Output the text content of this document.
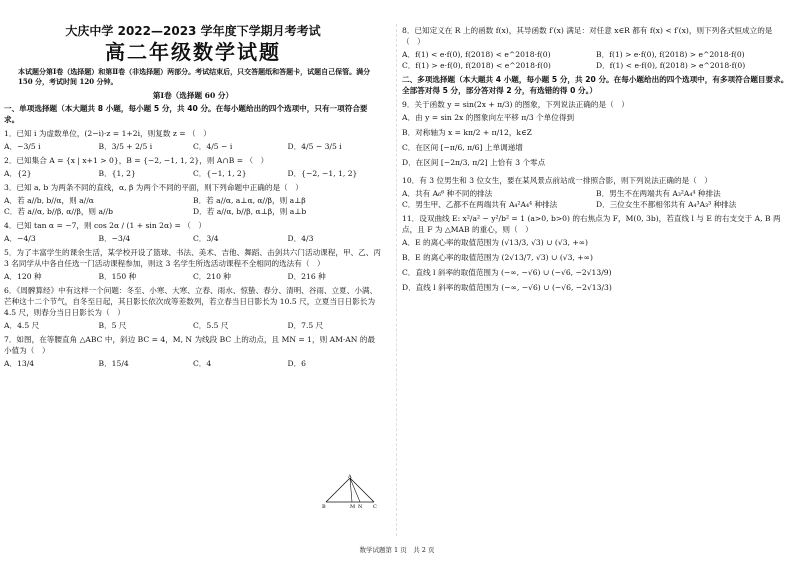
大庆中学 2022—2023 学年度下学期月考考试
高二年级数学试题
本试题分第Ⅰ卷（选择题）和第Ⅱ卷（非选择题）两部分。考试结束后，只交答题纸和答题卡，试题自己保管。满分 150 分，考试时间 120 分钟。
第Ⅰ卷（选择题 60 分）
一、单项选择题（本大题共 8 小题，每小题 5 分，共 40 分。在每小题给出的四个选项中，只有一项符合要求。
1．已知 i 为虚数单位，(2−i)·z = 1+2i，则复数 z = （　）
A．−3/5 i	B．3/5 + 2/5 i	C．4/5 − i	D．4/5 − 3/5 i
2．已知集合 A = {x | x+1 > 0}，B = {−2, −1, 1, 2}，则 A∩B = （　）
A．{2}	B．{1, 2}	C．{−1, 1, 2}	D．{−2, −1, 1, 2}
3．已知 a, b 为两条不同的直线，α, β 为两个不同的平面，则下列命题中正确的是（　）
A．若 a//b, b//α，则 a//α	B．若 a//α, a⊥α, α//β，则 a⊥β
C．若 a//α, b//β, α//β，则 a//b	D．若 a//α, b//β, α⊥β，则 a⊥b
4．已知 tan α = −7，则 cos 2α / (1 + sin 2α) = （　）
A．−4/3	B．−3/4	C．3/4	D．4/3
5．为了丰富学生的课余生活，某学校开设了篮球、书法、美术、吉他、舞蹈、击剑共六门活动课程，甲、乙、丙 3 名同学从中各自任选一门活动课程参加，则这 3 名学生所选活动课程不全相同的选法有（　）
A．120 种	B．150 种	C．210 种	D．216 种
6．《周髀算经》中有这样一个问题：冬至、小寒、大寒、立春、雨水、惊蛰、春分、清明、谷雨、立夏、小满、芒种这十二个节气，自冬至日起，其日影长依次成等差数列，若立春当日日影长为 10.5 尺，立夏当日日影长为 4.5 尺，则春分当日日影长为（　）
A．4.5 尺	B．5 尺	C．5.5 尺	D．7.5 尺
7．如图，在等腰直角 △ABC 中，斜边 BC = 4，M, N 为线段 BC 上的动点，且 MN = 1，则 AM·AN 的最小值为（　）
A．13/4	B．15/4	C．4	D．6
A
B	M N C
8．已知定义在 R 上的函数 f(x)，其导函数 f′(x) 满足：对任意 x∈R 都有 f(x) < f′(x)，则下列各式恒成立的是（　）
A．f(1) < e·f(0), f(2018) < e^2018·f(0)	B．f(1) > e·f(0), f(2018) > e^2018·f(0)
C．f(1) > e·f(0), f(2018) < e^2018·f(0)	D．f(1) < e·f(0), f(2018) > e^2018·f(0)
二、多项选择题（本大题共 4 小题，每小题 5 分，共 20 分。在每小题给出的四个选项中，有多项符合题目要求。全部答对得 5 分，部分答对得 2 分，有选错的得 0 分。）
9．关于函数 y = sin(2x + π/3) 的图象，下列说法正确的是（　）
A．由 y = sin 2x 的图象向左平移 π/3 个单位得到
B．对称轴为 x = kπ/2 + π/12，k∈Z
C．在区间 [−π/6, π/6] 上单调递增
D．在区间 [−2π/3, π/2] 上恰有 3 个零点
10．有 3 位男生和 3 位女生，要在某风景点前站成一排照合影，则下列说法正确的是（　）
A．共有 A₆⁶ 种不同的排法	B．男生不在两端共有 A₃²A₄⁴ 种排法
C．男生甲、乙都不在两端共有 A₄²A₄⁴ 种排法	D．三位女生不都相邻共有 A₄³A₃³ 种排法
11．设双曲线 E: x²/a² − y²/b² = 1 (a>0, b>0) 的右焦点为 F，M(0, 3b)，若直线 l 与 E 的右支交于 A, B 两点，且 F 为 △MAB 的重心，则（　）
A．E 的离心率的取值范围为 (√13/3, √3) ∪ (√3, +∞)
B．E 的离心率的取值范围为 (2√13/7, √3) ∪ (√3, +∞)
C．直线 l 斜率的取值范围为 (−∞, −√6) ∪ (−√6, −2√13/9)
D．直线 l 斜率的取值范围为 (−∞, −√6) ∪ (−√6, −2√13/3)
数学试题第 1 页　共 2 页
